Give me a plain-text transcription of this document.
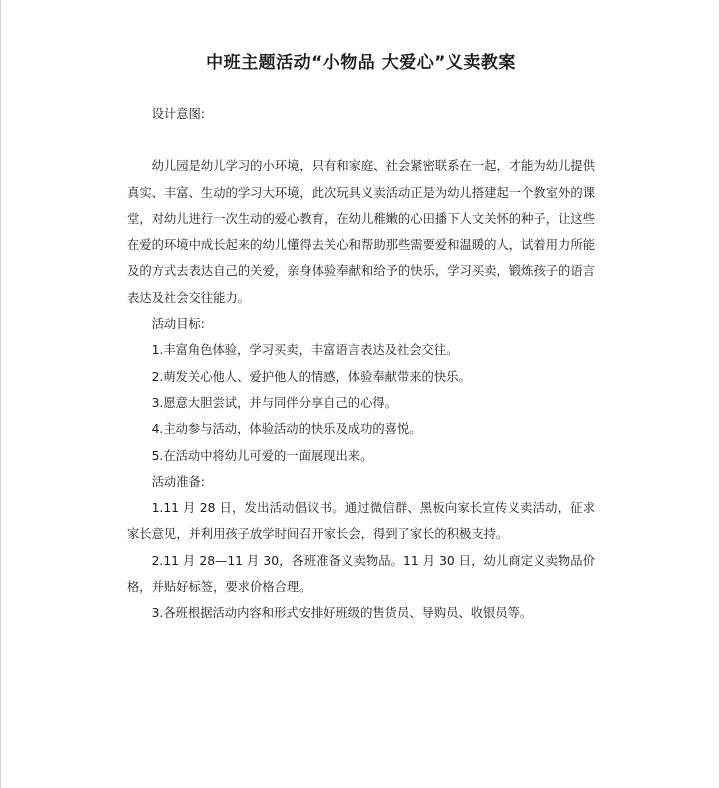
中班主题活动“小物品 大爱心”义卖教案

设计意图:

幼儿园是幼儿学习的小环境，只有和家庭、社会紧密联系在一起，才能为幼儿提供真实、丰富、生动的学习大环境，此次玩具义卖活动正是为幼儿搭建起一个教室外的课堂，对幼儿进行一次生动的爱心教育，在幼儿稚嫩的心田播下人文关怀的种子，让这些在爱的环境中成长起来的幼儿懂得去关心和帮助那些需要爱和温暖的人，试着用力所能及的方式去表达自己的关爱，亲身体验奉献和给予的快乐，学习买卖，锻炼孩子的语言表达及社会交往能力。

活动目标:

1.丰富角色体验，学习买卖，丰富语言表达及社会交往。

2.萌发关心他人、爱护他人的情感，体验奉献带来的快乐。

3.愿意大胆尝试，并与同伴分享自己的心得。

4.主动参与活动，体验活动的快乐及成功的喜悦。

5.在活动中将幼儿可爱的一面展现出来。

活动准备:

1.11 月 28 日，发出活动倡议书。通过微信群、黑板向家长宣传义卖活动，征求家长意见，并利用孩子放学时间召开家长会，得到了家长的积极支持。

2.11 月 28—11 月 30，各班准备义卖物品。11 月 30 日，幼儿商定义卖物品价格，并贴好标签，要求价格合理。

3.各班根据活动内容和形式安排好班级的售货员、导购员、收银员等。
